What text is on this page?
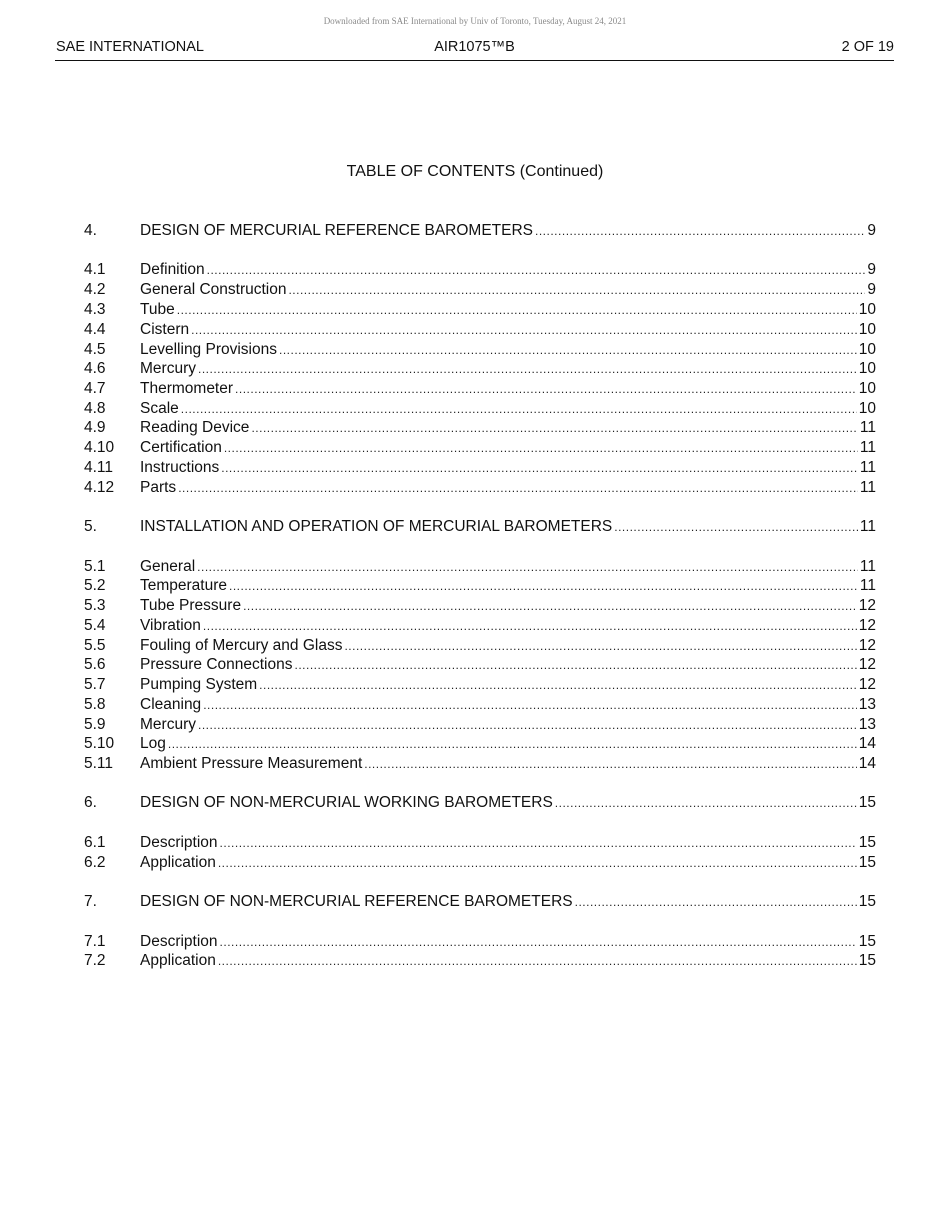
Downloaded from SAE International by Univ of Toronto, Tuesday, August 24, 2021
SAE INTERNATIONAL	AIR1075™B	2 OF 19
TABLE OF CONTENTS (Continued)
4.	DESIGN OF MERCURIAL REFERENCE BAROMETERS .....	9
4.1 Definition .....	9
4.2 General Construction .....	9
4.3 Tube .....	10
4.4 Cistern .....	10
4.5 Levelling Provisions .....	10
4.6 Mercury .....	10
4.7 Thermometer .....	10
4.8 Scale .....	10
4.9 Reading Device .....	11
4.10 Certification .....	11
4.11 Instructions .....	11
4.12 Parts .....	11
5.	INSTALLATION AND OPERATION OF MERCURIAL BAROMETERS .....	11
5.1 General .....	11
5.2 Temperature .....	11
5.3 Tube Pressure .....	12
5.4 Vibration .....	12
5.5 Fouling of Mercury and Glass .....	12
5.6 Pressure Connections .....	12
5.7 Pumping System .....	12
5.8 Cleaning .....	13
5.9 Mercury .....	13
5.10 Log .....	14
5.11 Ambient Pressure Measurement .....	14
6.	DESIGN OF NON-MERCURIAL WORKING BAROMETERS .....	15
6.1 Description .....	15
6.2 Application .....	15
7.	DESIGN OF NON-MERCURIAL REFERENCE BAROMETERS .....	15
7.1 Description .....	15
7.2 Application .....	15
